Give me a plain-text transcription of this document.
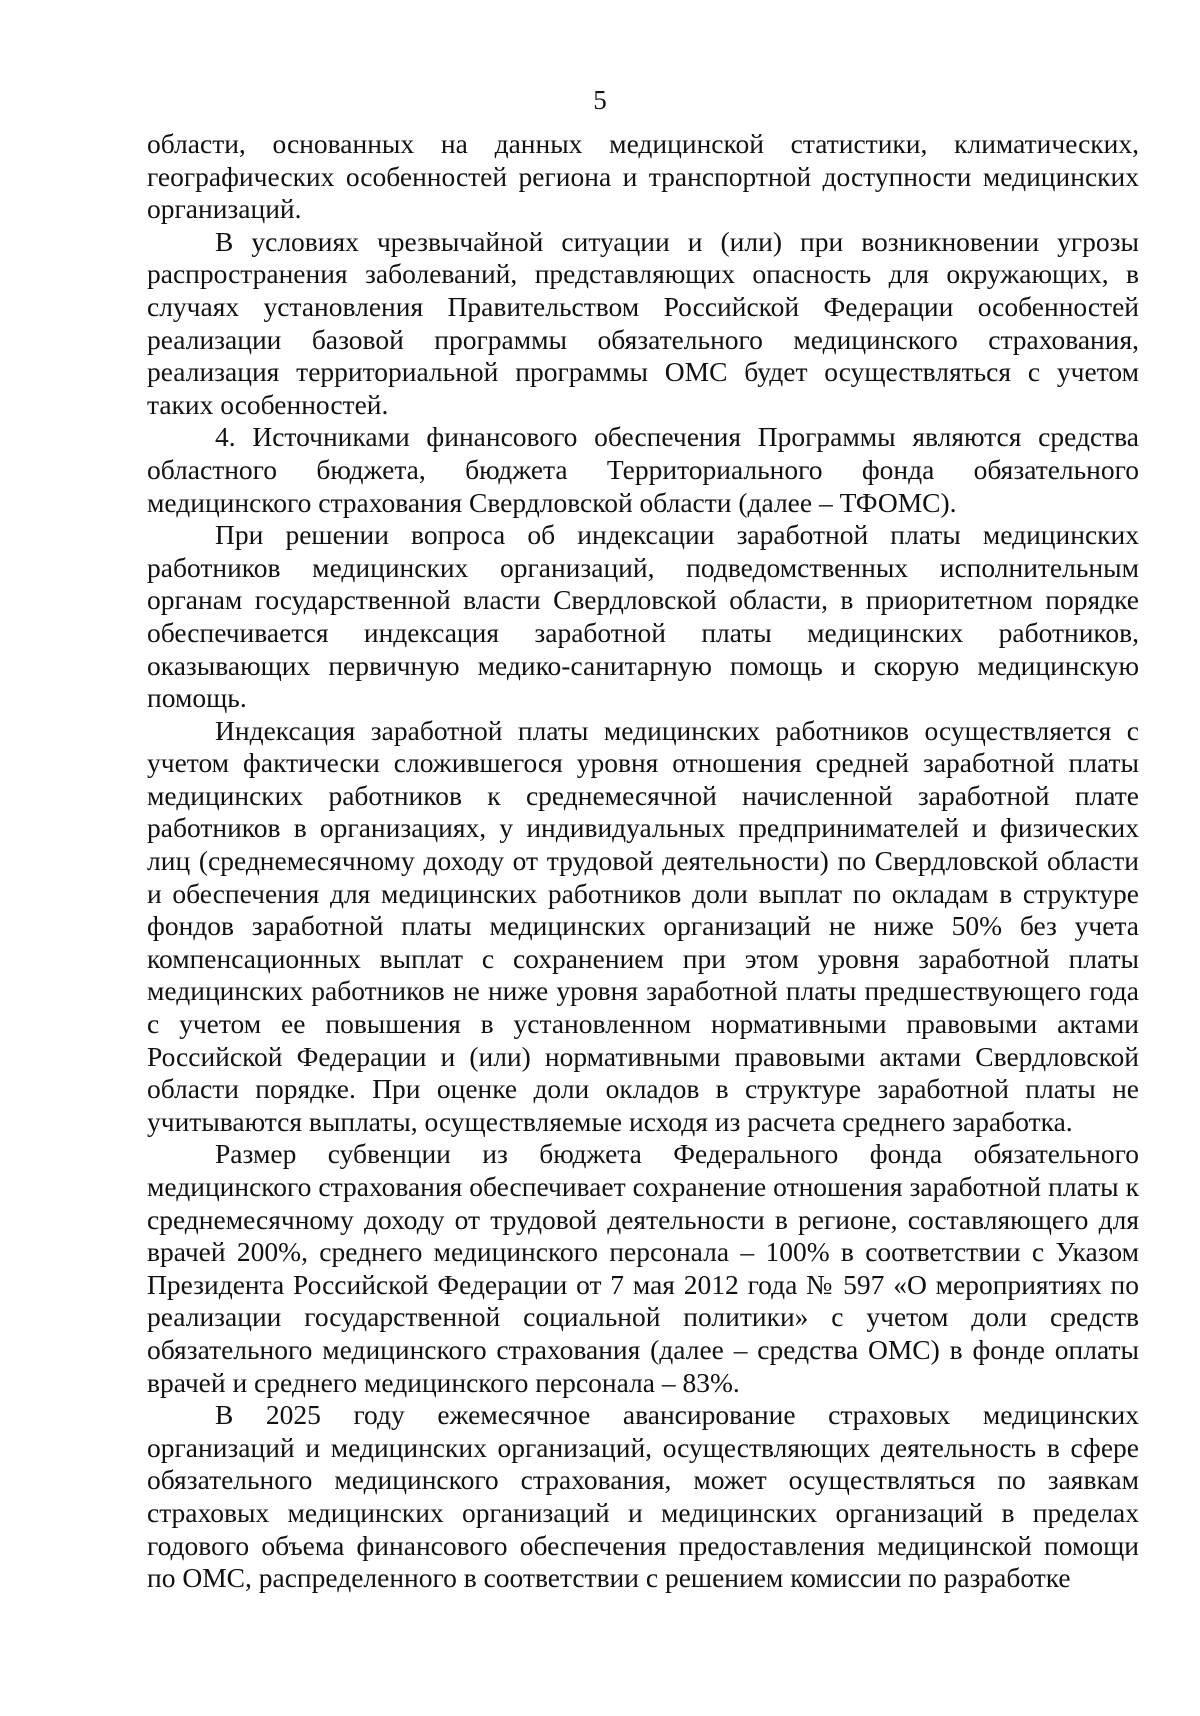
5

области, основанных на данных медицинской статистики, климатических, географических особенностей региона и транспортной доступности медицинских организаций.

В условиях чрезвычайной ситуации и (или) при возникновении угрозы распространения заболеваний, представляющих опасность для окружающих, в случаях установления Правительством Российской Федерации особенностей реализации базовой программы обязательного медицинского страхования, реализация территориальной программы ОМС будет осуществляться с учетом таких особенностей.

4. Источниками финансового обеспечения Программы являются средства областного бюджета, бюджета Территориального фонда обязательного медицинского страхования Свердловской области (далее – ТФОМС).

При решении вопроса об индексации заработной платы медицинских работников медицинских организаций, подведомственных исполнительным органам государственной власти Свердловской области, в приоритетном порядке обеспечивается индексация заработной платы медицинских работников, оказывающих первичную медико-санитарную помощь и скорую медицинскую помощь.

Индексация заработной платы медицинских работников осуществляется с учетом фактически сложившегося уровня отношения средней заработной платы медицинских работников к среднемесячной начисленной заработной плате работников в организациях, у индивидуальных предпринимателей и физических лиц (среднемесячному доходу от трудовой деятельности) по Свердловской области и обеспечения для медицинских работников доли выплат по окладам в структуре фондов заработной платы медицинских организаций не ниже 50% без учета компенсационных выплат с сохранением при этом уровня заработной платы медицинских работников не ниже уровня заработной платы предшествующего года с учетом ее повышения в установленном нормативными правовыми актами Российской Федерации и (или) нормативными правовыми актами Свердловской области порядке. При оценке доли окладов в структуре заработной платы не учитываются выплаты, осуществляемые исходя из расчета среднего заработка.

Размер субвенции из бюджета Федерального фонда обязательного медицинского страхования обеспечивает сохранение отношения заработной платы к среднемесячному доходу от трудовой деятельности в регионе, составляющего для врачей 200%, среднего медицинского персонала – 100% в соответствии с Указом Президента Российской Федерации от 7 мая 2012 года № 597 «О мероприятиях по реализации государственной социальной политики» с учетом доли средств обязательного медицинского страхования (далее – средства ОМС) в фонде оплаты врачей и среднего медицинского персонала – 83%.

В 2025 году ежемесячное авансирование страховых медицинских организаций и медицинских организаций, осуществляющих деятельность в сфере обязательного медицинского страхования, может осуществляться по заявкам страховых медицинских организаций и медицинских организаций в пределах годового объема финансового обеспечения предоставления медицинской помощи по ОМС, распределенного в соответствии с решением комиссии по разработке
